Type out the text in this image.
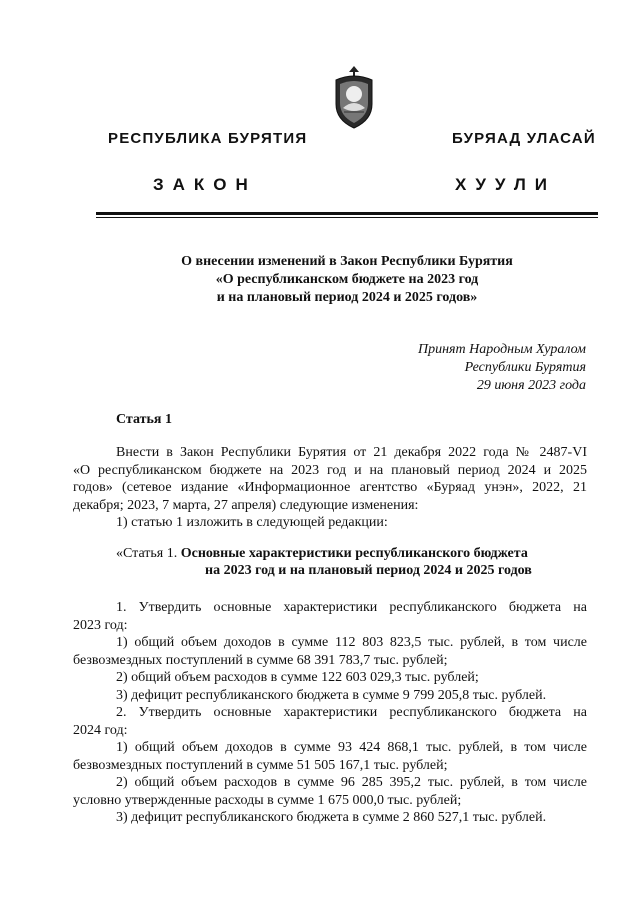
РЕСПУБЛИКА БУРЯТИЯ	БУРЯАД УЛАСАЙ
ЗАКОН	ХУУЛИ
О внесении изменений в Закон Республики Бурятия
«О республиканском бюджете на 2023 год
и на плановый период 2024 и 2025 годов»
Принят Народным Хуралом
Республики Бурятия
29 июня 2023 года
Статья 1
Внести в Закон Республики Бурятия от 21 декабря 2022 года № 2487-VI
«О республиканском бюджете на 2023 год и на плановый период 2024 и 2025
годов» (сетевое издание «Информационное агентство «Буряад унэн», 2022, 21
декабря; 2023, 7 марта, 27 апреля) следующие изменения:
1) статью 1 изложить в следующей редакции:
«Статья 1. Основные характеристики республиканского бюджета
на 2023 год и на плановый период 2024 и 2025 годов
1. Утвердить основные характеристики республиканского бюджета на
2023 год:
1) общий объем доходов в сумме 112 803 823,5 тыс. рублей, в том числе
безвозмездных поступлений в сумме 68 391 783,7 тыс. рублей;
2) общий объем расходов в сумме 122 603 029,3 тыс. рублей;
3) дефицит республиканского бюджета в сумме 9 799 205,8 тыс. рублей.
2. Утвердить основные характеристики республиканского бюджета на
2024 год:
1) общий объем доходов в сумме 93 424 868,1 тыс. рублей, в том числе
безвозмездных поступлений в сумме 51 505 167,1 тыс. рублей;
2) общий объем расходов в сумме 96 285 395,2 тыс. рублей, в том числе
условно утвержденные расходы в сумме 1 675 000,0 тыс. рублей;
3) дефицит республиканского бюджета в сумме 2 860 527,1 тыс. рублей.
